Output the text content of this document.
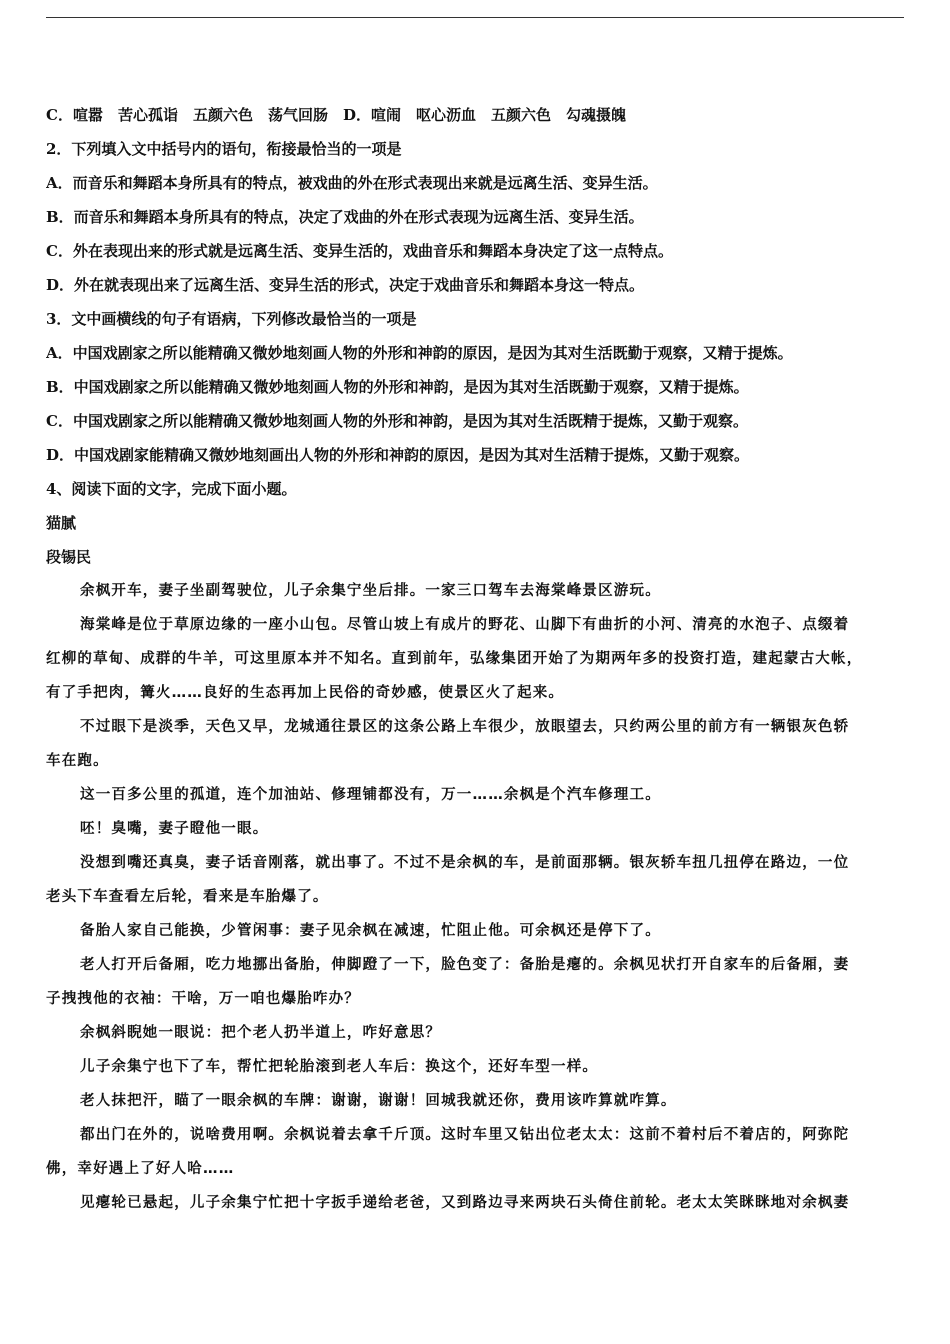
C．喧嚣　苦心孤诣　五颜六色　荡气回肠　 D．喧闹　呕心沥血　五颜六色　勾魂摄魄
2．下列填入文中括号内的语句，衔接最恰当的一项是
A．而音乐和舞蹈本身所具有的特点，被戏曲的外在形式表现出来就是远离生活、变异生活。
B．而音乐和舞蹈本身所具有的特点，决定了戏曲的外在形式表现为远离生活、变异生活。
C．外在表现出来的形式就是远离生活、变异生活的，戏曲音乐和舞蹈本身决定了这一点特点。
D．外在就表现出来了远离生活、变异生活的形式，决定于戏曲音乐和舞蹈本身这一特点。
3．文中画横线的句子有语病，下列修改最恰当的一项是
A．中国戏剧家之所以能精确又微妙地刻画人物的外形和神韵的原因，是因为其对生活既勤于观察，又精于提炼。
B．中国戏剧家之所以能精确又微妙地刻画人物的外形和神韵，是因为其对生活既勤于观察，又精于提炼。
C．中国戏剧家之所以能精确又微妙地刻画人物的外形和神韵，是因为其对生活既精于提炼，又勤于观察。
D．中国戏剧家能精确又微妙地刻画出人物的外形和神韵的原因，是因为其对生活精于提炼，又勤于观察。
4、阅读下面的文字，完成下面小题。
猫腻
段锡民
余枫开车，妻子坐副驾驶位，儿子余集宁坐后排。一家三口驾车去海棠峰景区游玩。
海棠峰是位于草原边缘的一座小山包。尽管山坡上有成片的野花、山脚下有曲折的小河、清亮的水泡子、点缀着
红柳的草甸、成群的牛羊，可这里原本并不知名。直到前年，弘缘集团开始了为期两年多的投资打造，建起蒙古大帐，
有了手把肉，篝火……良好的生态再加上民俗的奇妙感，使景区火了起来。
不过眼下是淡季，天色又早，龙城通往景区的这条公路上车很少，放眼望去，只约两公里的前方有一辆银灰色轿
车在跑。
这一百多公里的孤道，连个加油站、修理铺都没有，万一……余枫是个汽车修理工。
呸！臭嘴，妻子瞪他一眼。
没想到嘴还真臭，妻子话音刚落，就出事了。不过不是余枫的车，是前面那辆。银灰轿车扭几扭停在路边，一位
老头下车查看左后轮，看来是车胎爆了。
备胎人家自己能换，少管闲事：妻子见余枫在减速，忙阻止他。可余枫还是停下了。
老人打开后备厢，吃力地挪出备胎，伸脚蹬了一下，脸色变了：备胎是瘪的。余枫见状打开自家车的后备厢，妻
子拽拽他的衣袖：干啥，万一咱也爆胎咋办？
余枫斜睨她一眼说：把个老人扔半道上，咋好意思？
儿子余集宁也下了车，帮忙把轮胎滚到老人车后：换这个，还好车型一样。
老人抹把汗，瞄了一眼余枫的车牌：谢谢，谢谢！回城我就还你，费用该咋算就咋算。
都出门在外的，说啥费用啊。余枫说着去拿千斤顶。这时车里又钻出位老太太：这前不着村后不着店的，阿弥陀
佛，幸好遇上了好人哈……
见瘪轮已悬起，儿子余集宁忙把十字扳手递给老爸，又到路边寻来两块石头倚住前轮。老太太笑眯眯地对余枫妻
